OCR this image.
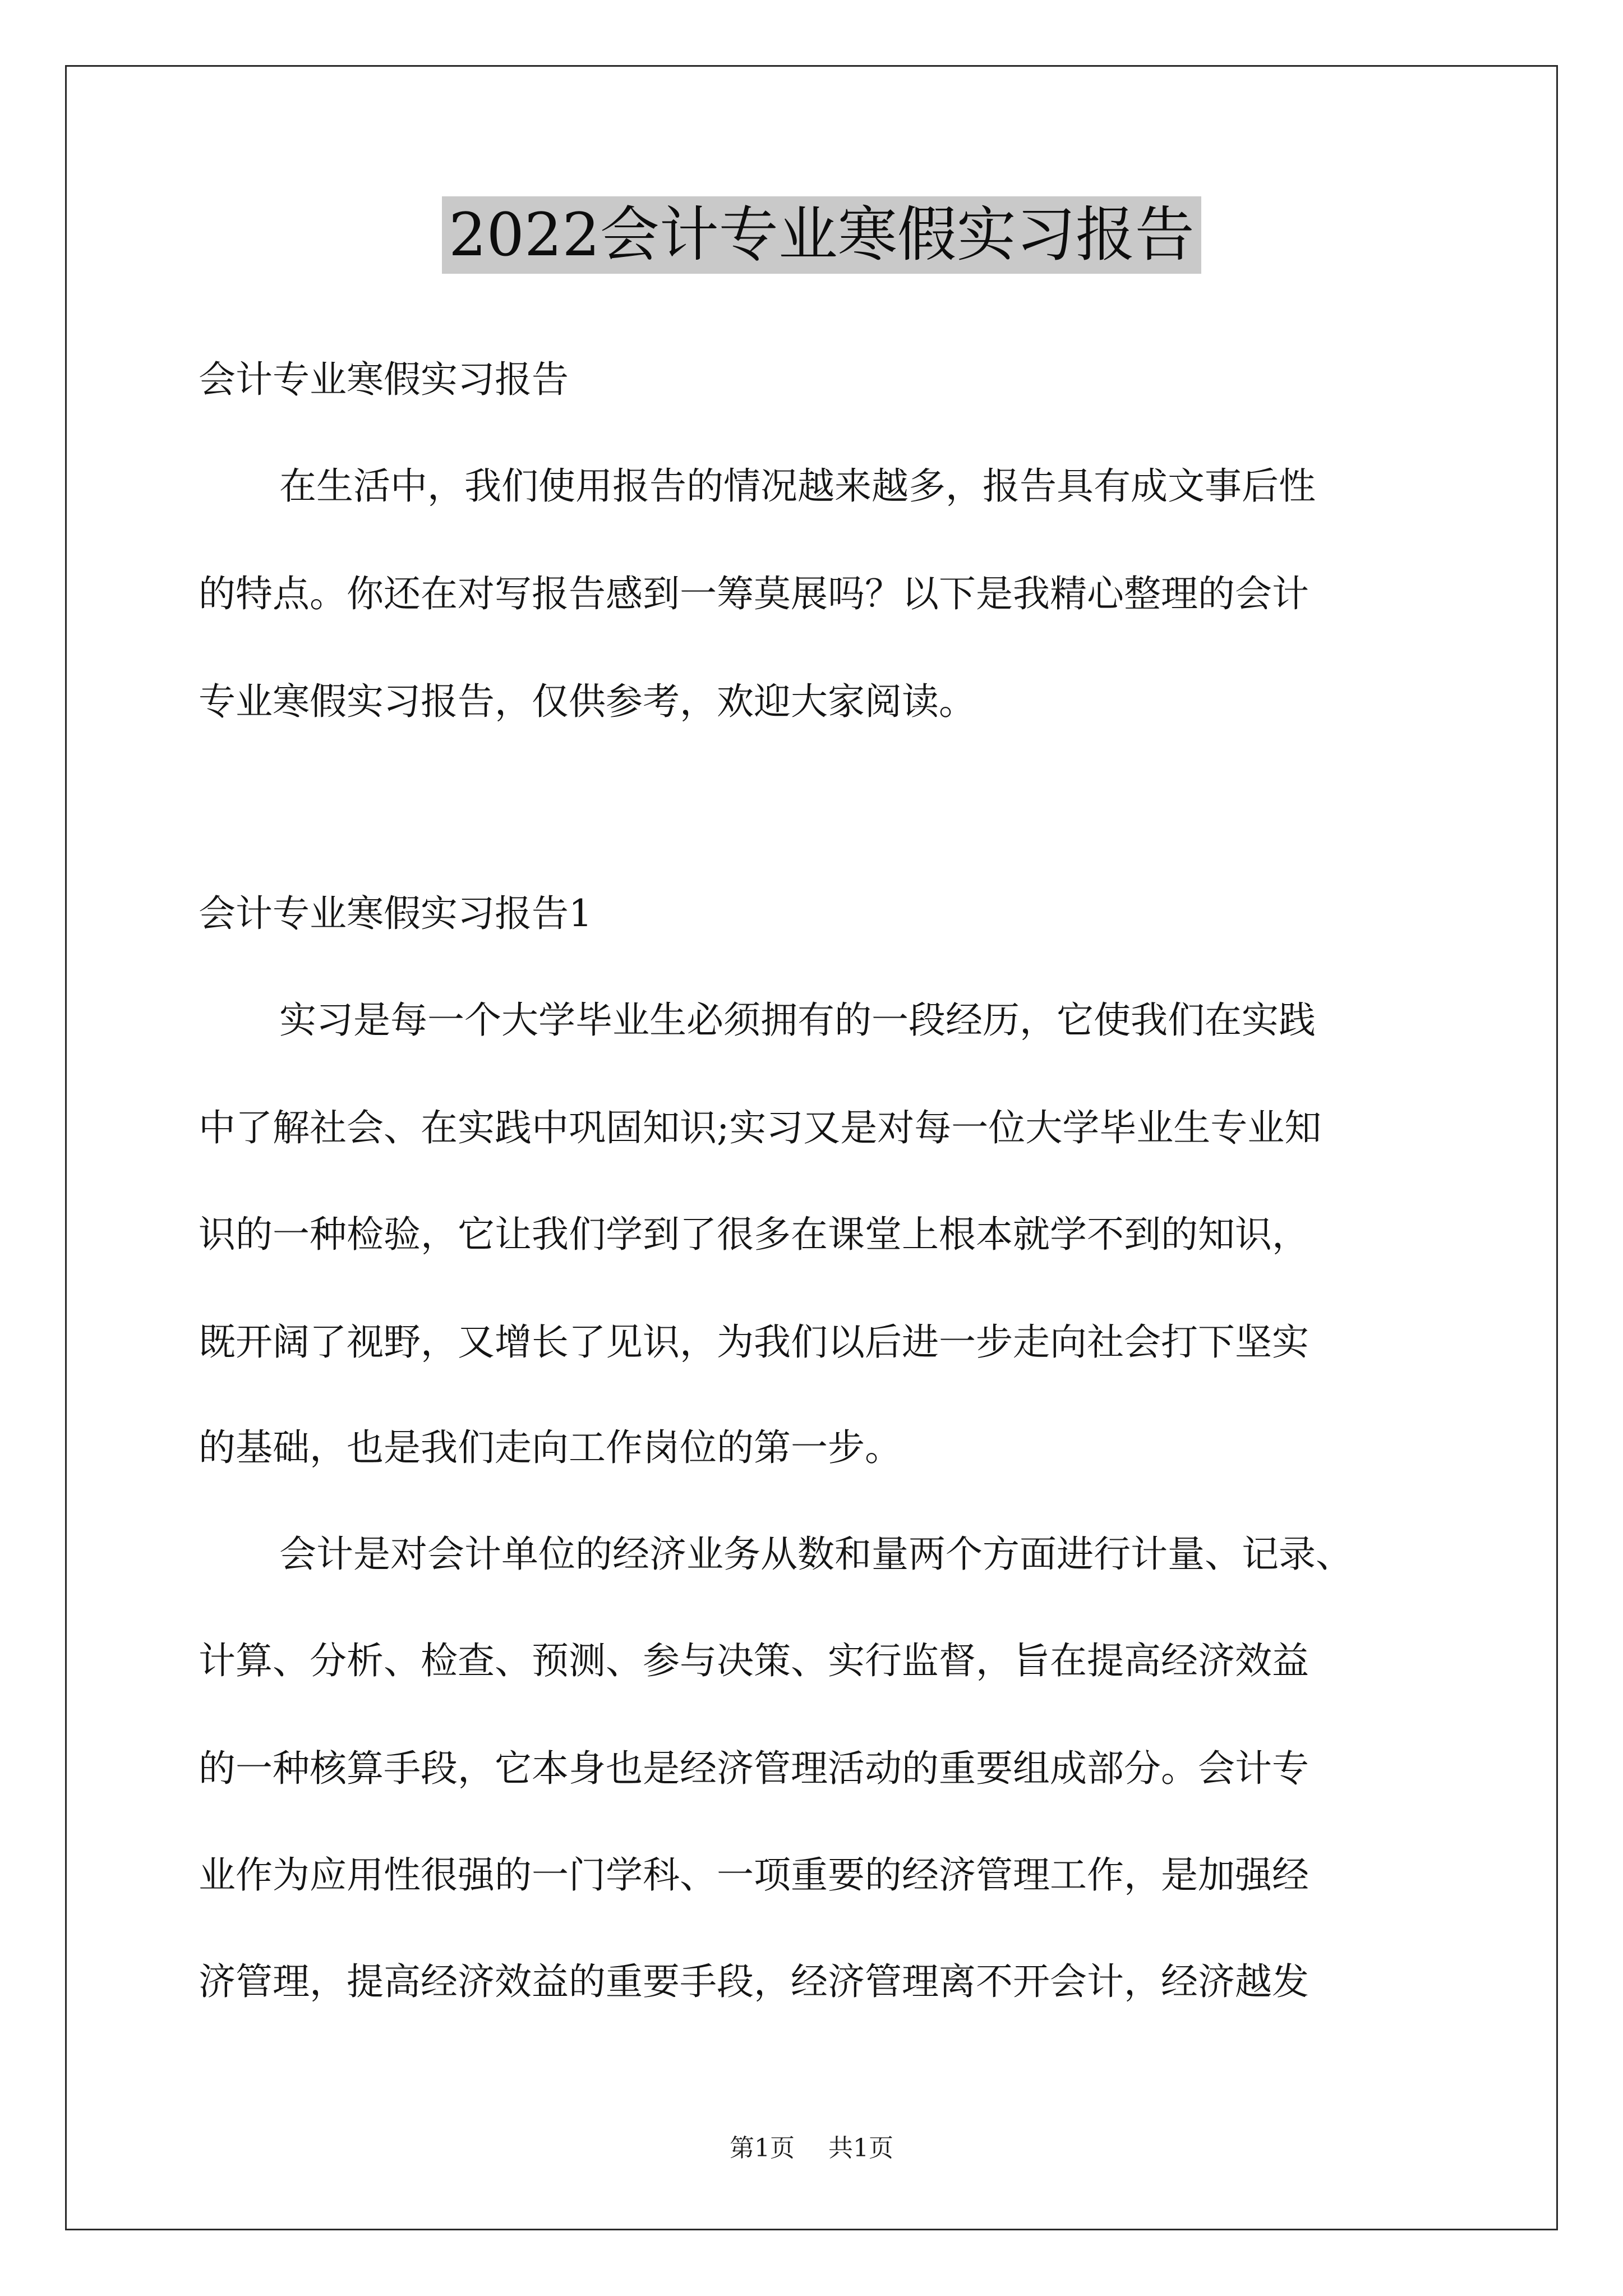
2022会计专业寒假实习报告
会计专业寒假实习报告
在生活中，我们使用报告的情况越来越多，报告具有成文事后性
的特点。你还在对写报告感到一筹莫展吗？以下是我精心整理的会计
专业寒假实习报告，仅供参考，欢迎大家阅读。
会计专业寒假实习报告1
实习是每一个大学毕业生必须拥有的一段经历，它使我们在实践
中了解社会、在实践中巩固知识;实习又是对每一位大学毕业生专业知
识的一种检验，它让我们学到了很多在课堂上根本就学不到的知识，
既开阔了视野，又增长了见识，为我们以后进一步走向社会打下坚实
的基础，也是我们走向工作岗位的第一步。
会计是对会计单位的经济业务从数和量两个方面进行计量、记录、
计算、分析、检查、预测、参与决策、实行监督，旨在提高经济效益
的一种核算手段，它本身也是经济管理活动的重要组成部分。会计专
业作为应用性很强的一门学科、一项重要的经济管理工作，是加强经
济管理，提高经济效益的重要手段，经济管理离不开会计，经济越发
第1页 共1页
